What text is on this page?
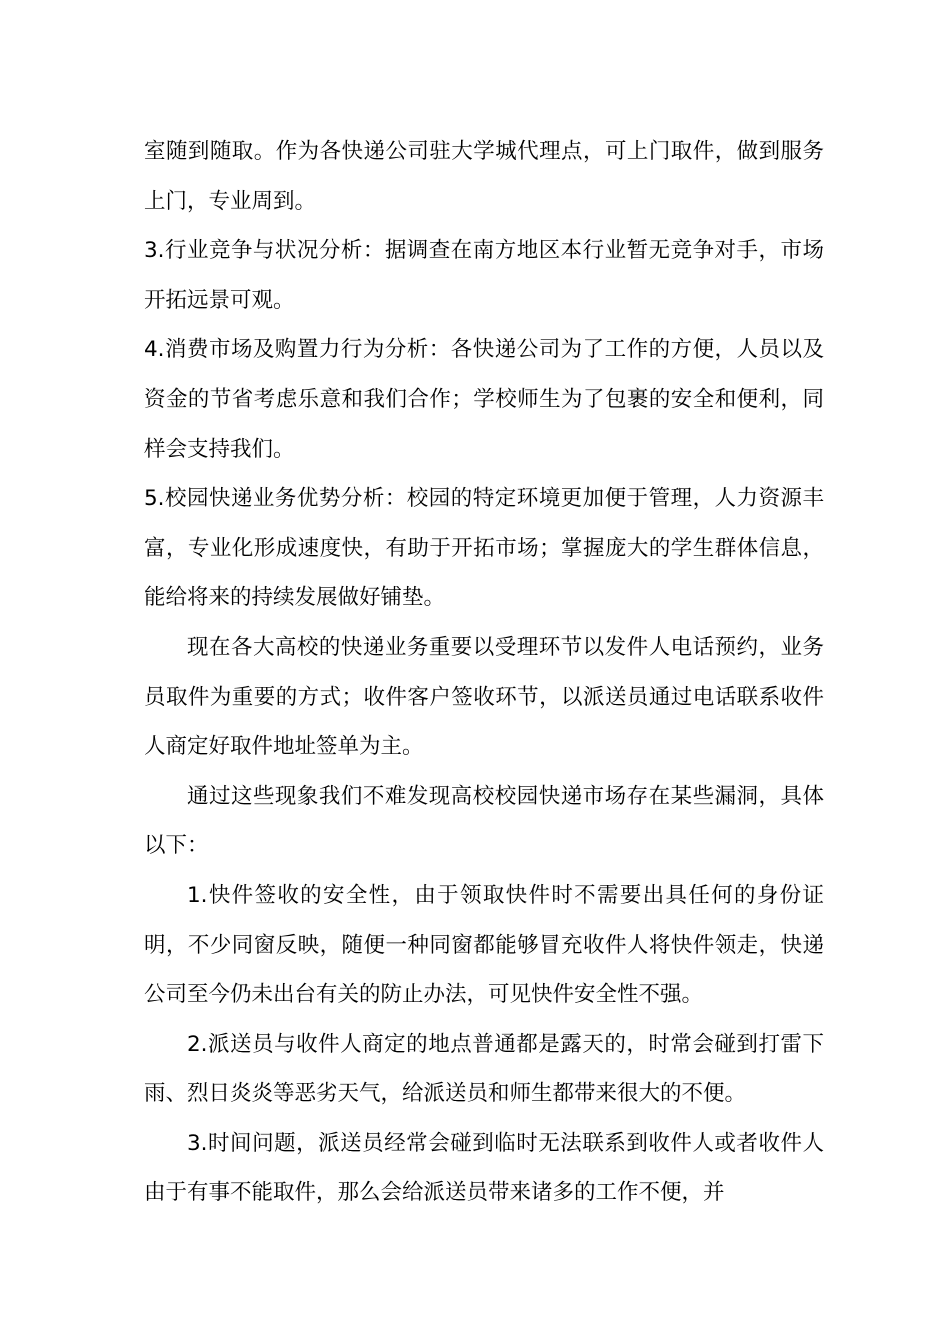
室随到随取。作为各快递公司驻大学城代理点，可上门取件，做到服务上门，专业周到。

3.行业竞争与状况分析：据调查在南方地区本行业暂无竞争对手，市场开拓远景可观。

4.消费市场及购置力行为分析：各快递公司为了工作的方便，人员以及资金的节省考虑乐意和我们合作；学校师生为了包裹的安全和便利，同样会支持我们。

5.校园快递业务优势分析：校园的特定环境更加便于管理，人力资源丰富，专业化形成速度快，有助于开拓市场；掌握庞大的学生群体信息，能给将来的持续发展做好铺垫。

现在各大高校的快递业务重要以受理环节以发件人电话预约，业务员取件为重要的方式；收件客户签收环节，以派送员通过电话联系收件人商定好取件地址签单为主。

通过这些现象我们不难发现高校校园快递市场存在某些漏洞，具体以下：

1.快件签收的安全性，由于领取快件时不需要出具任何的身份证明，不少同窗反映，随便一种同窗都能够冒充收件人将快件领走，快递公司至今仍未出台有关的防止办法，可见快件安全性不强。

2.派送员与收件人商定的地点普通都是露天的，时常会碰到打雷下雨、烈日炎炎等恶劣天气，给派送员和师生都带来很大的不便。

3.时间问题，派送员经常会碰到临时无法联系到收件人或者收件人由于有事不能取件，那么会给派送员带来诸多的工作不便，并
